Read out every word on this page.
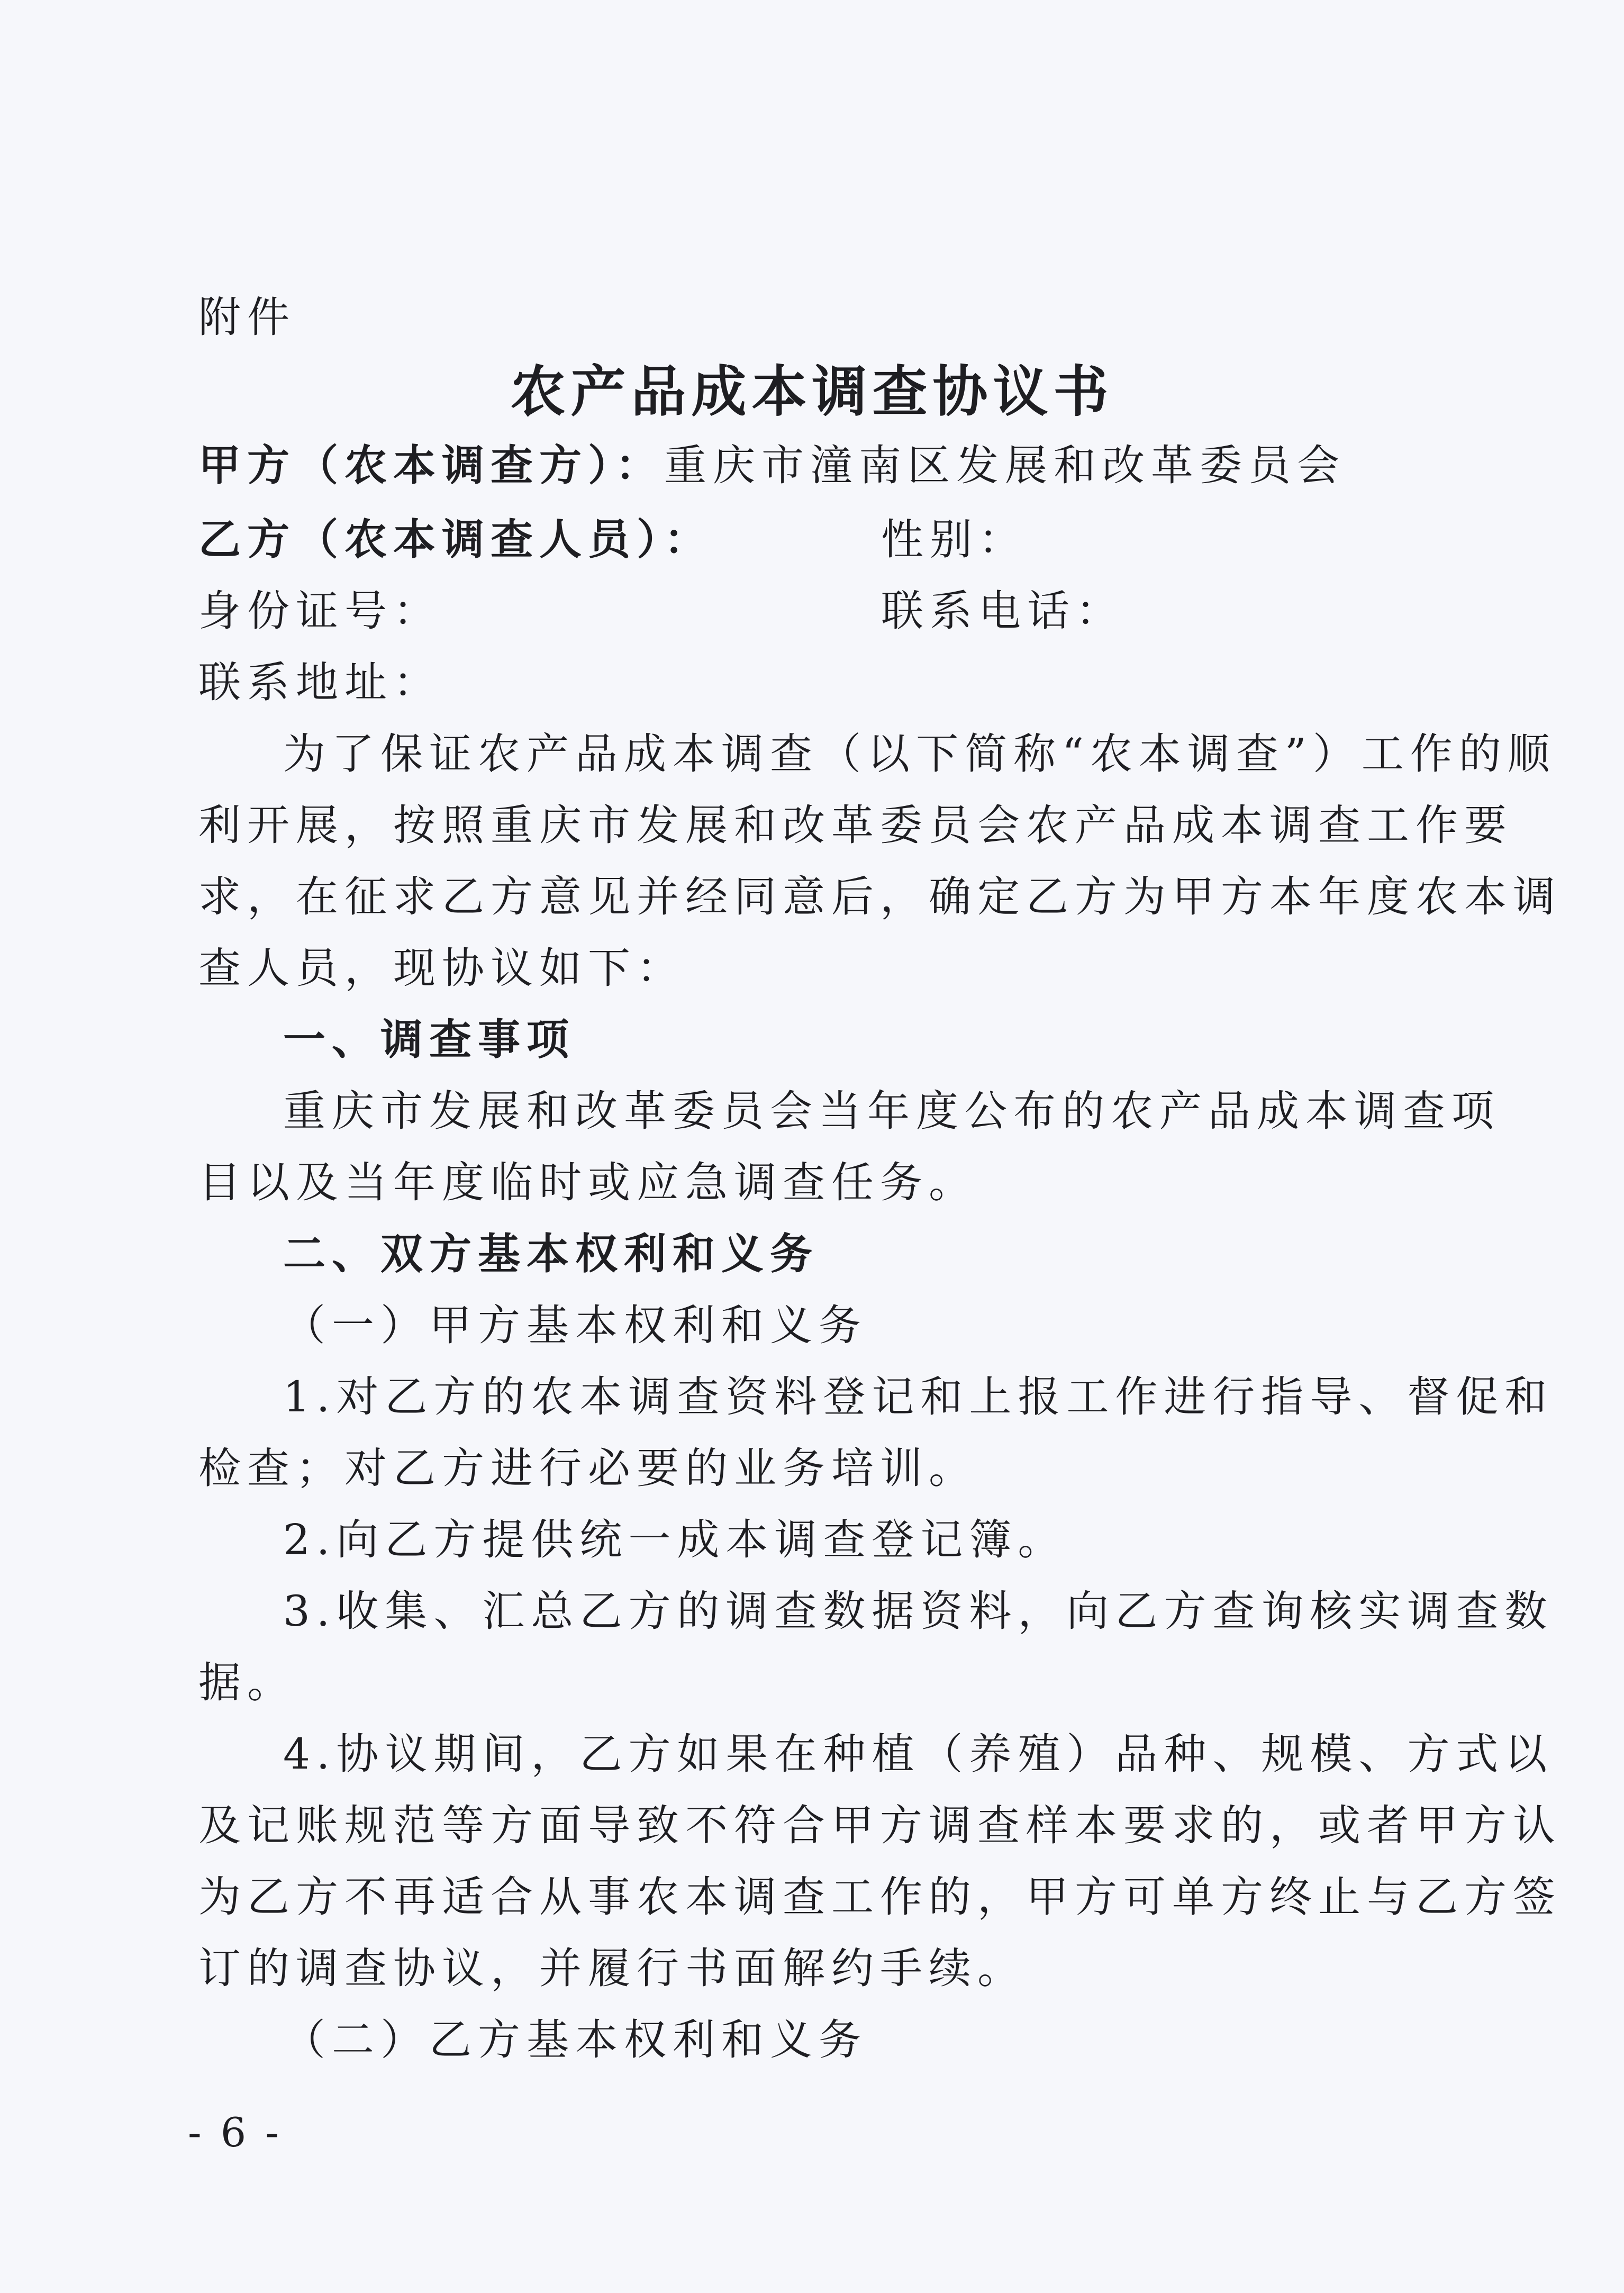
附件
农产品成本调查协议书
甲方（农本调查方）：重庆市潼南区发展和改革委员会
乙方（农本调查人员）：	性别：
身份证号：	联系电话：
联系地址：
为了保证农产品成本调查（以下简称“农本调查”）工作的顺
利开展，按照重庆市发展和改革委员会农产品成本调查工作要
求，在征求乙方意见并经同意后，确定乙方为甲方本年度农本调
查人员，现协议如下：
一、调查事项
重庆市发展和改革委员会当年度公布的农产品成本调查项
目以及当年度临时或应急调查任务。
二、双方基本权利和义务
（一）甲方基本权利和义务
1.对乙方的农本调查资料登记和上报工作进行指导、督促和
检查；对乙方进行必要的业务培训。
2.向乙方提供统一成本调查登记簿。
3.收集、汇总乙方的调查数据资料，向乙方查询核实调查数
据。
4.协议期间，乙方如果在种植（养殖）品种、规模、方式以
及记账规范等方面导致不符合甲方调查样本要求的，或者甲方认
为乙方不再适合从事农本调查工作的，甲方可单方终止与乙方签
订的调查协议，并履行书面解约手续。
（二）乙方基本权利和义务
- 6 -
